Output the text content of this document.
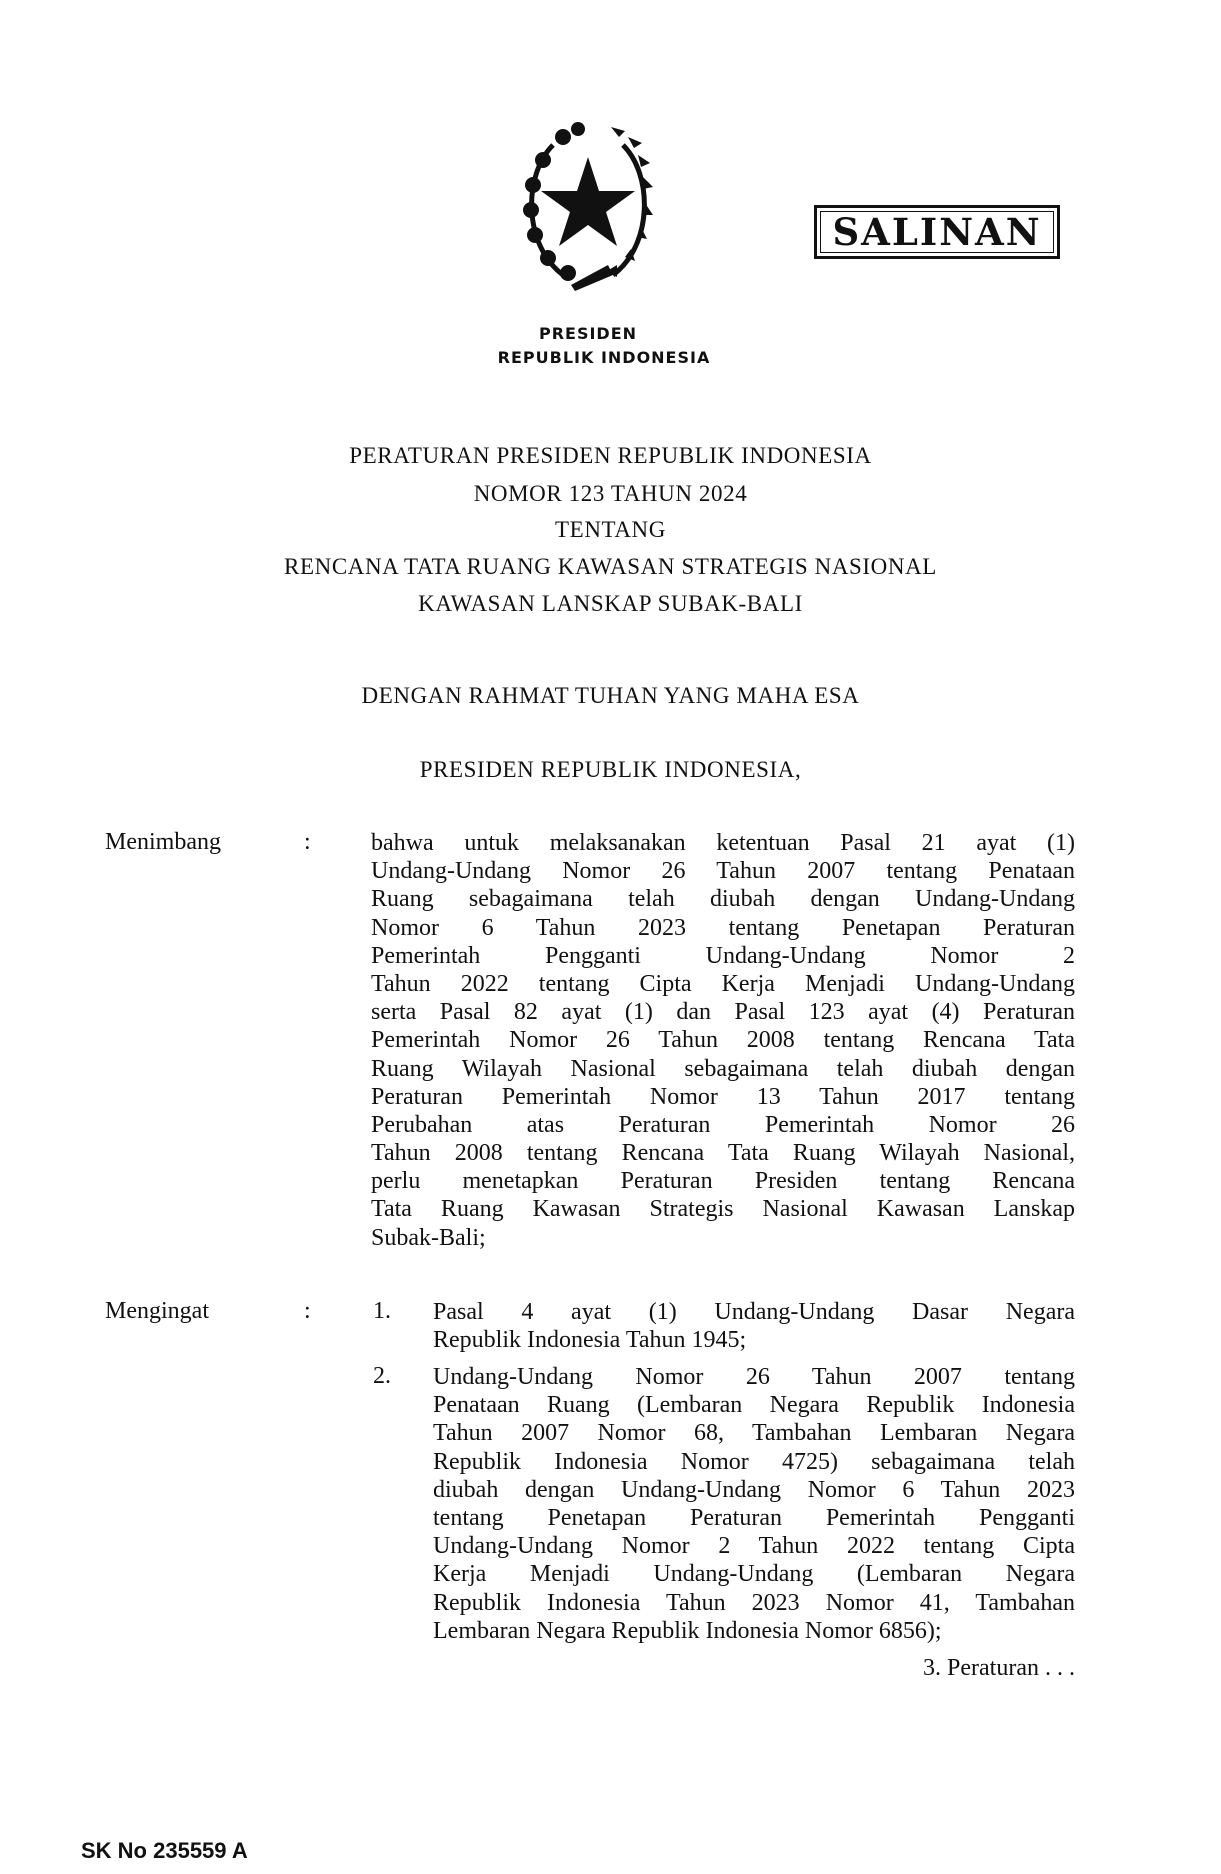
SALINAN
PRESIDEN
REPUBLIK INDONESIA
PERATURAN PRESIDEN REPUBLIK INDONESIA
NOMOR 123 TAHUN 2024
TENTANG
RENCANA TATA RUANG KAWASAN STRATEGIS NASIONAL
KAWASAN LANSKAP SUBAK-BALI
DENGAN RAHMAT TUHAN YANG MAHA ESA
PRESIDEN REPUBLIK INDONESIA,
Menimbang	:	bahwa untuk melaksanakan ketentuan Pasal 21 ayat (1)
Undang-Undang Nomor 26 Tahun 2007 tentang Penataan
Ruang sebagaimana telah diubah dengan Undang-Undang
Nomor 6 Tahun 2023 tentang Penetapan Peraturan
Pemerintah Pengganti Undang-Undang Nomor 2
Tahun 2022 tentang Cipta Kerja Menjadi Undang-Undang
serta Pasal 82 ayat (1) dan Pasal 123 ayat (4) Peraturan
Pemerintah Nomor 26 Tahun 2008 tentang Rencana Tata
Ruang Wilayah Nasional sebagaimana telah diubah dengan
Peraturan Pemerintah Nomor 13 Tahun 2017 tentang
Perubahan atas Peraturan Pemerintah Nomor 26
Tahun 2008 tentang Rencana Tata Ruang Wilayah Nasional,
perlu menetapkan Peraturan Presiden tentang Rencana
Tata Ruang Kawasan Strategis Nasional Kawasan Lanskap
Subak-Bali;
Mengingat	:	1. Pasal 4 ayat (1) Undang-Undang Dasar Negara
Republik Indonesia Tahun 1945;
2. Undang-Undang Nomor 26 Tahun 2007 tentang
Penataan Ruang (Lembaran Negara Republik Indonesia
Tahun 2007 Nomor 68, Tambahan Lembaran Negara
Republik Indonesia Nomor 4725) sebagaimana telah
diubah dengan Undang-Undang Nomor 6 Tahun 2023
tentang Penetapan Peraturan Pemerintah Pengganti
Undang-Undang Nomor 2 Tahun 2022 tentang Cipta
Kerja Menjadi Undang-Undang (Lembaran Negara
Republik Indonesia Tahun 2023 Nomor 41, Tambahan
Lembaran Negara Republik Indonesia Nomor 6856);
3. Peraturan . . .
SK No 235559 A
